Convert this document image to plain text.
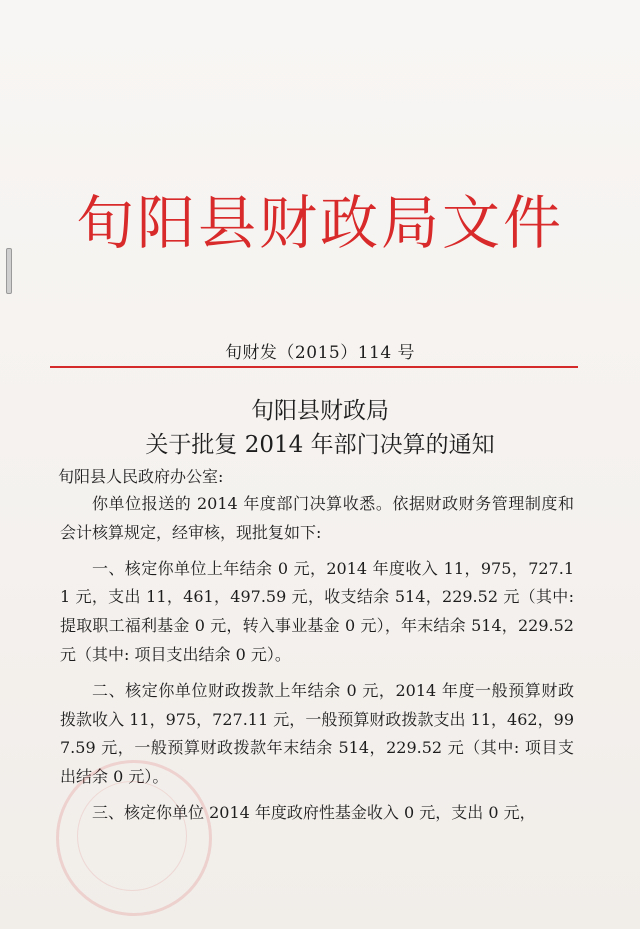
旬阳县财政局文件
旬财发（2015）114 号
旬阳县财政局
关于批复 2014 年部门决算的通知
旬阳县人民政府办公室:

你单位报送的 2014 年度部门决算收悉。依据财政财务管理制度和会计核算规定，经审核，现批复如下:

一、核定你单位上年结余 0 元，2014 年度收入 11，975，727.11 元，支出 11，461，497.59 元，收支结余 514，229.52 元（其中: 提取职工福利基金 0 元，转入事业基金 0 元），年末结余 514，229.52 元（其中: 项目支出结余 0 元）。

二、核定你单位财政拨款上年结余 0 元，2014 年度一般预算财政拨款收入 11，975，727.11 元，一般预算财政拨款支出 11，462，997.59 元，一般预算财政拨款年末结余 514，229.52 元（其中: 项目支出结余 0 元）。

三、核定你单位 2014 年度政府性基金收入 0 元，支出 0 元，
